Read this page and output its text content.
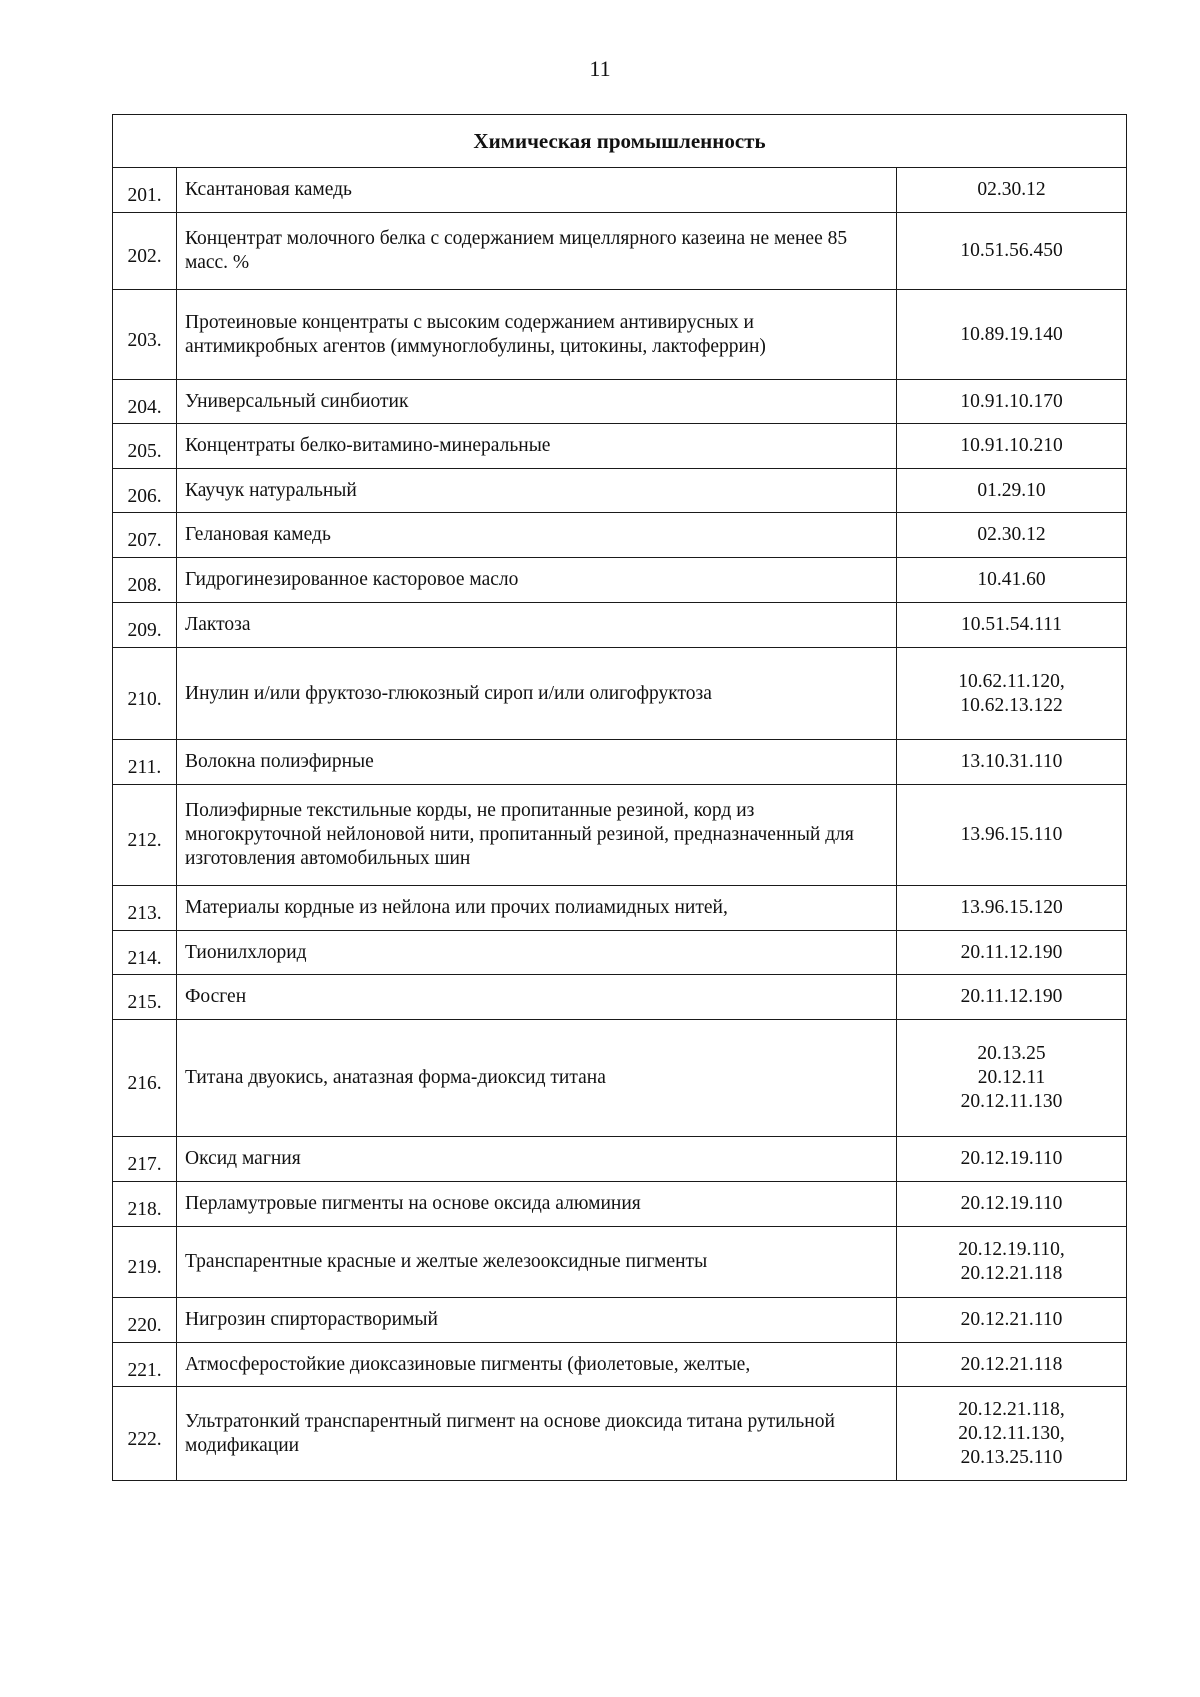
11
Химическая промышленность		
201.	Ксантановая камедь	02.30.12

202.	Концентрат молочного белка с содержанием мицеллярного казеина не менее 85 масс. %	10.51.56.450

203.	Протеиновые концентраты с высоким содержанием антивирусных и антимикробных агентов (иммуноглобулины, цитокины, лактоферрин)	10.89.19.140

204.	Универсальный синбиотик	10.91.10.170

205.	Концентраты белко-витамино-минеральные	10.91.10.210

206.	Каучук натуральный	01.29.10

207.	Геланoвая камедь	02.30.12

208.	Гидрогинезированное касторовое масло	10.41.60

209.	Лактоза	10.51.54.111

210.	Инулин и/или фруктозо-глюкозный сироп и/или олигофруктоза	10.62.11.120,
10.62.13.122

211.	Волокна полиэфирные	13.10.31.110

212.	Полиэфирные текстильные корды, не пропитанные резиной, корд из многокруточной нейлоновой нити, пропитанный резиной, предназначенный для изготовления автомобильных шин	13.96.15.110

213.	Материалы кордные из нейлона или прочих полиамидных нитей,	13.96.15.120

214.	Тионилхлорид	20.11.12.190

215.	Фосген	20.11.12.190

216.	Титана двуокись, анатазная форма-диоксид титана	20.13.25
20.12.11
20.12.11.130

217.	Оксид магния	20.12.19.110

218.	Перламутровые пигменты на основе оксида алюминия	20.12.19.110

219.	Транспарентные красные и желтые железооксидные пигменты	20.12.19.110,
20.12.21.118

220.	Нигрозин спирторастворимый	20.12.21.110

221.	Атмосферостойкие диоксазиновые пигменты (фиолетовые, желтые,	20.12.21.118

222.	Ультратонкий транспарентный пигмент на основе диоксида титана рутильной модификации	20.12.21.118,
20.12.11.130,
20.13.25.110
